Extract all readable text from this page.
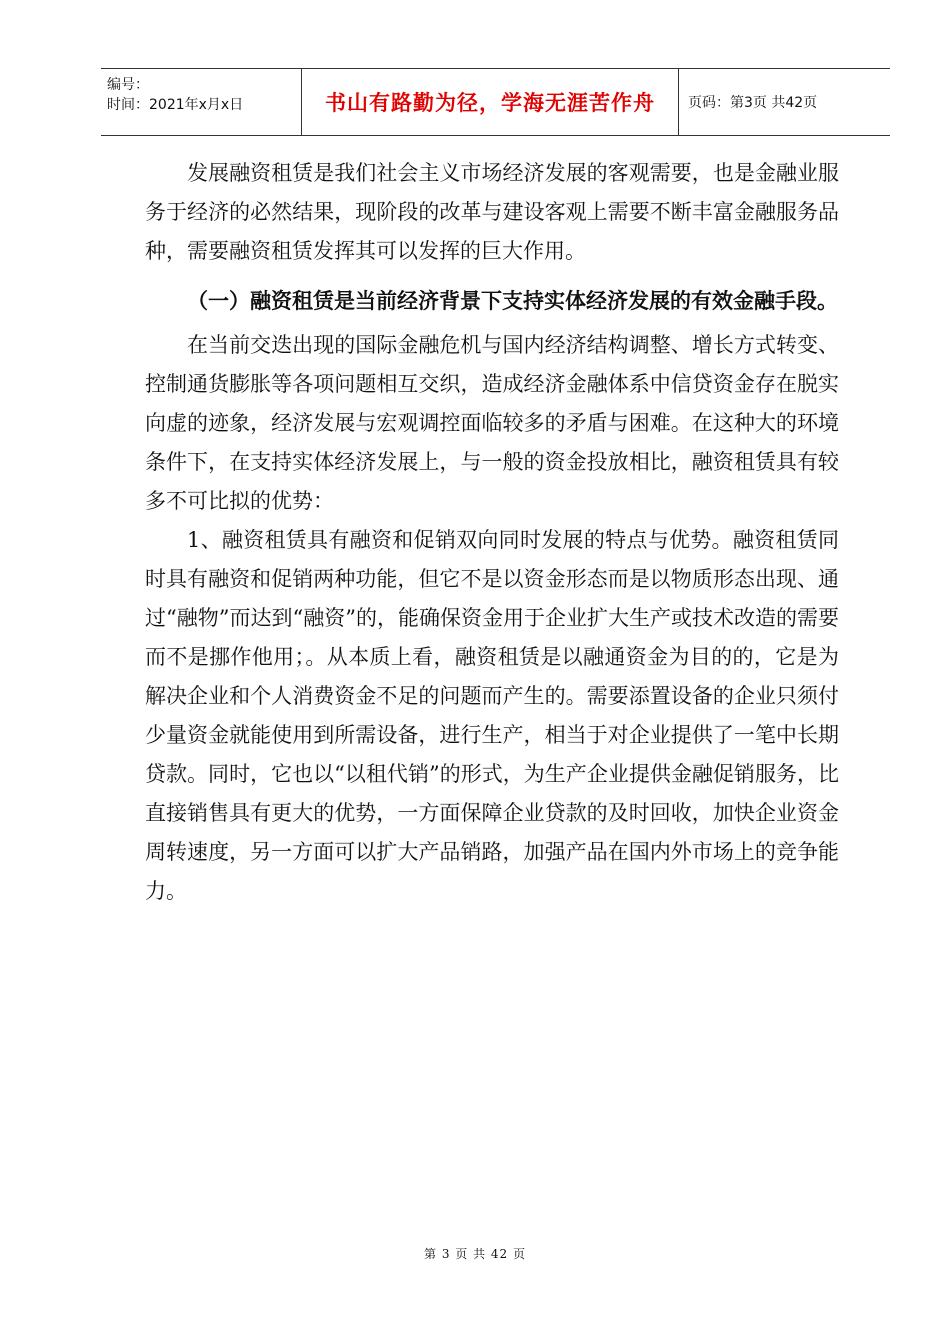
编号：
时间：2021年x月x日	书山有路勤为径，学海无涯苦作舟	页码：第3页 共42页

发展融资租赁是我们社会主义市场经济发展的客观需要，也是金融业服务于经济的必然结果，现阶段的改革与建设客观上需要不断丰富金融服务品种，需要融资租赁发挥其可以发挥的巨大作用。

（一）融资租赁是当前经济背景下支持实体经济发展的有效金融手段。

在当前交迭出现的国际金融危机与国内经济结构调整、增长方式转变、控制通货膨胀等各项问题相互交织，造成经济金融体系中信贷资金存在脱实向虚的迹象，经济发展与宏观调控面临较多的矛盾与困难。在这种大的环境条件下，在支持实体经济发展上，与一般的资金投放相比，融资租赁具有较多不可比拟的优势：

1、融资租赁具有融资和促销双向同时发展的特点与优势。融资租赁同时具有融资和促销两种功能，但它不是以资金形态而是以物质形态出现、通过“融物”而达到“融资”的，能确保资金用于企业扩大生产或技术改造的需要而不是挪作他用；。从本质上看，融资租赁是以融通资金为目的的，它是为解决企业和个人消费资金不足的问题而产生的。需要添置设备的企业只须付少量资金就能使用到所需设备，进行生产，相当于对企业提供了一笔中长期贷款。同时，它也以“以租代销”的形式，为生产企业提供金融促销服务，比直接销售具有更大的优势，一方面保障企业贷款的及时回收，加快企业资金周转速度，另一方面可以扩大产品销路，加强产品在国内外市场上的竞争能力。

第 3 页 共 42 页
